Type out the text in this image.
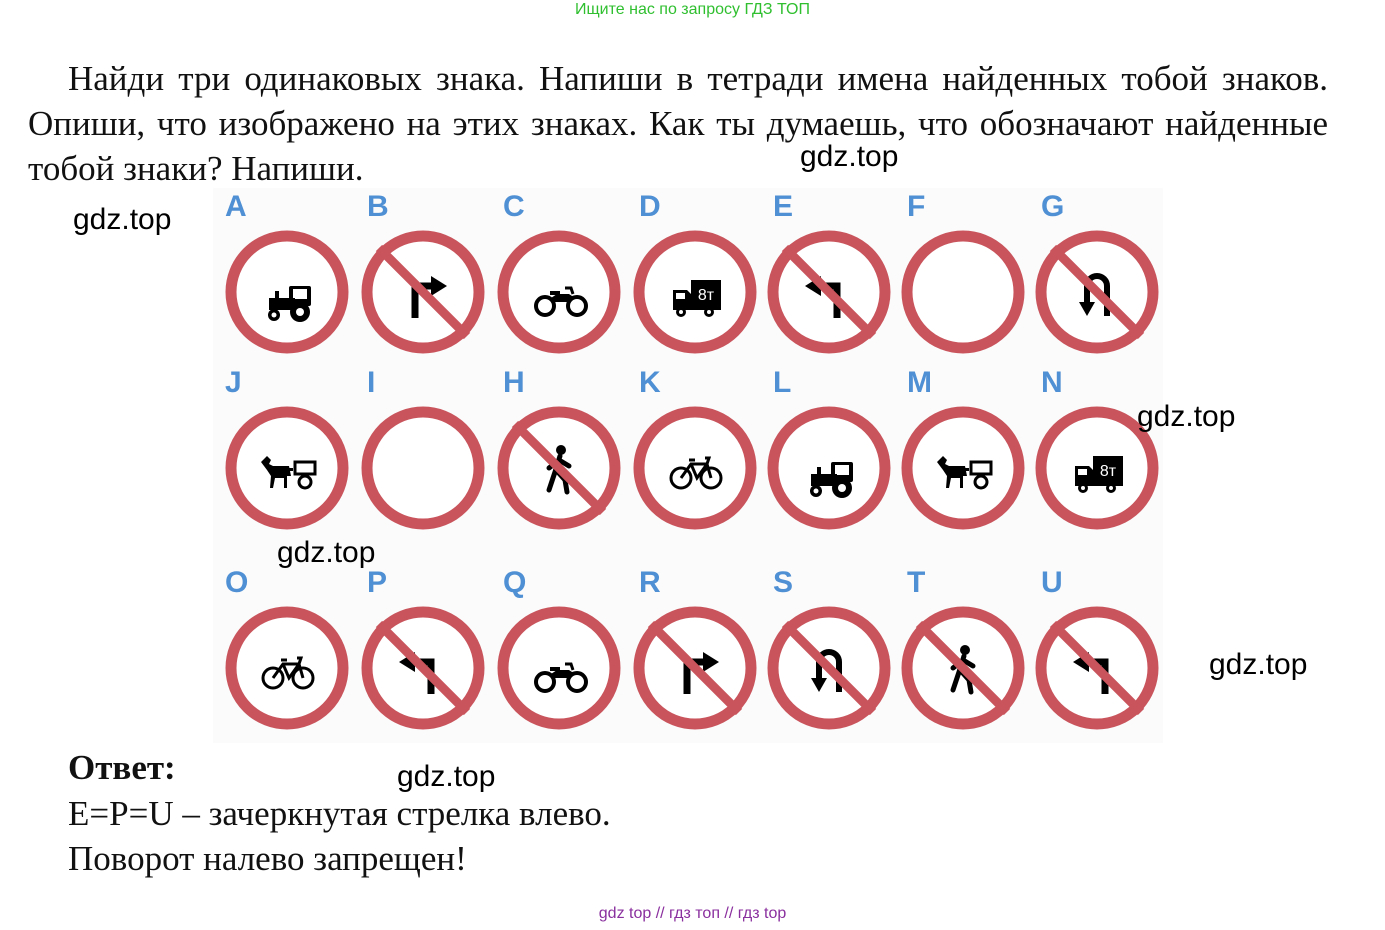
Ищите нас по запросу ГДЗ ТОП
Найди три одинаковых знака. Напиши в тетради имена найденных тобой знаков. Опиши, что изображено на этих знаках. Как ты думаешь, что обозначают найденные тобой знаки? Напиши.	gdz.top
gdz.top A	B	C	D
8т
E	F	G
J	I	H	K	L	M	N
8т
O	P	Q	R	S	T	U
gdz.top
gdz.top
gdz.top
gdz.top
Ответ:
E=P=U – зачеркнутая стрелка влево.
Поворот налево запрещен!
gdz top // гдз топ // гдз top
